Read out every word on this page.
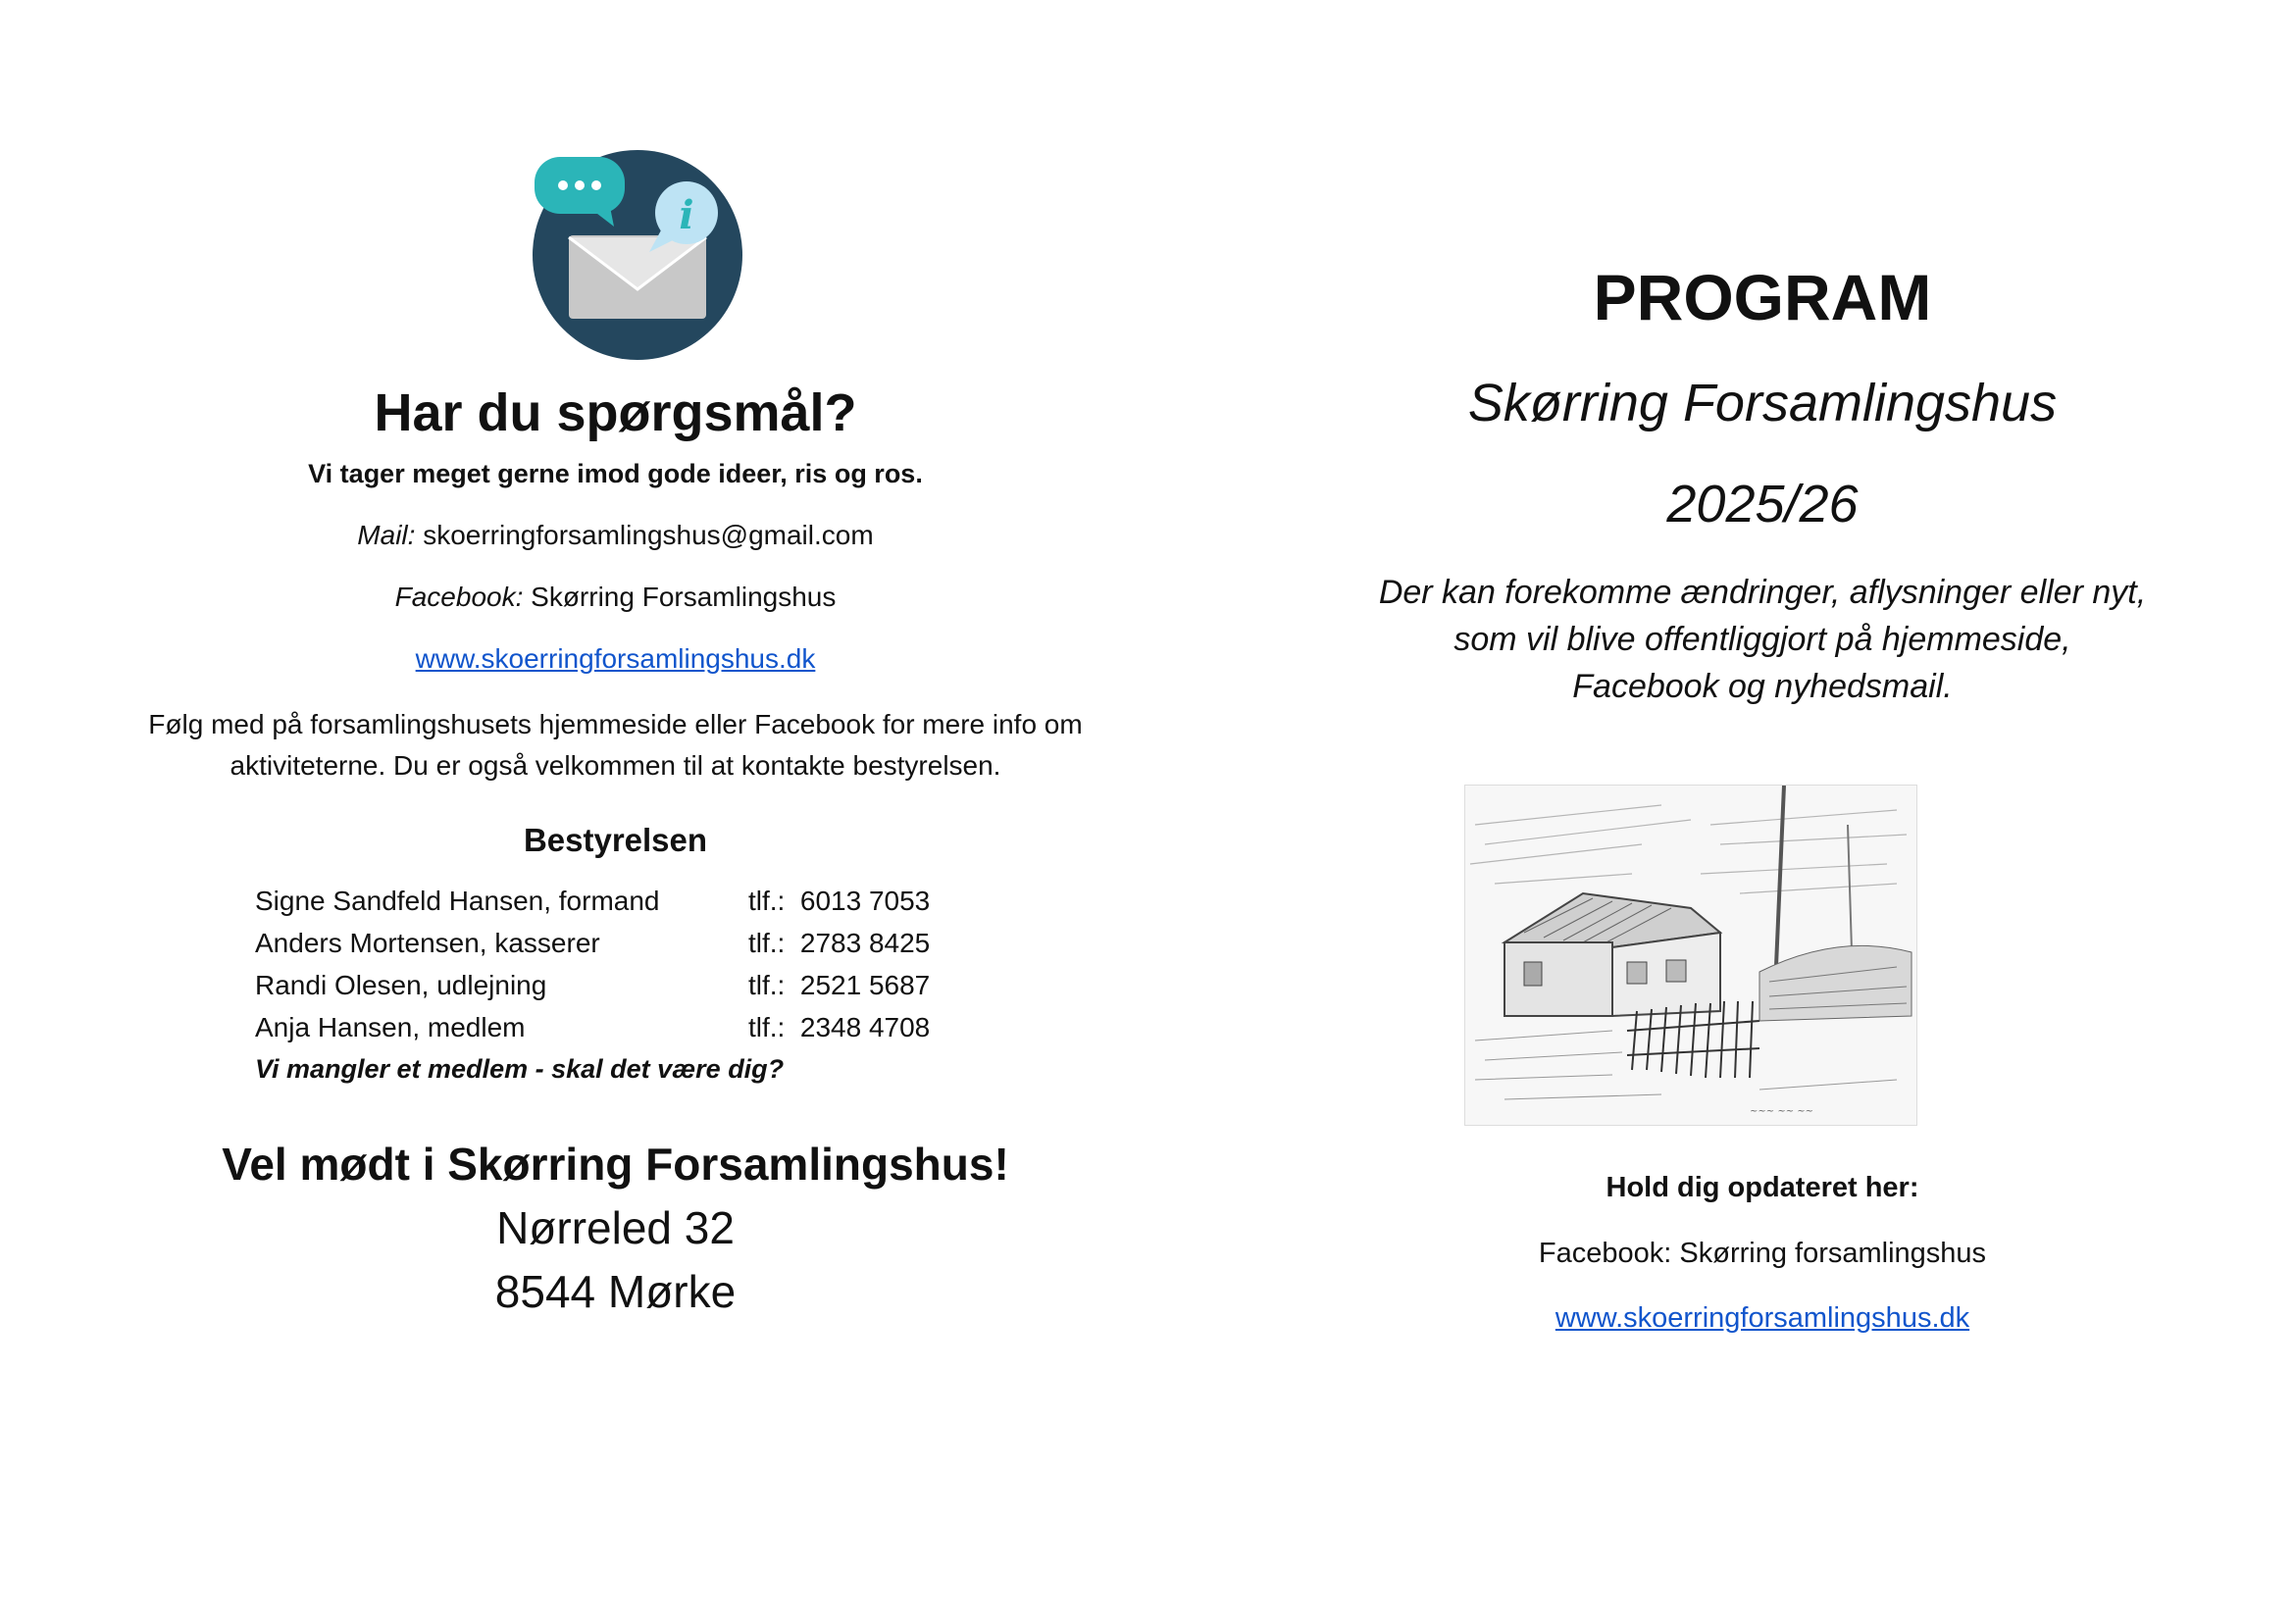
i
Har du spørgsmål?
Vi tager meget gerne imod gode ideer, ris og ros.
Mail: skoerringforsamlingshus@gmail.com
Facebook: Skørring Forsamlingshus
www.skoerringforsamlingshus.dk
Følg med på forsamlingshusets hjemmeside eller Facebook for mere info om aktiviteterne. Du er også velkommen til at kontakte bestyrelsen.
Bestyrelsen
Signe Sandfeld Hansen, formand	tlf.:  6013 7053
Anders Mortensen, kasserer	tlf.:  2783 8425
Randi Olesen, udlejning	tlf.:  2521 5687
Anja Hansen, medlem	tlf.:  2348 4708
Vi mangler et medlem - skal det være dig?
Vel mødt i Skørring Forsamlingshus!
Nørreled 32
8544 Mørke
PROGRAM
Skørring Forsamlingshus
2025/26
Der kan forekomme ændringer, aflysninger eller nyt,
som vil blive offentliggjort på hjemmeside,
Facebook og nyhedsmail.
~~~ ~~ ~~
Hold dig opdateret her:
Facebook: Skørring forsamlingshus
www.skoerringforsamlingshus.dk
